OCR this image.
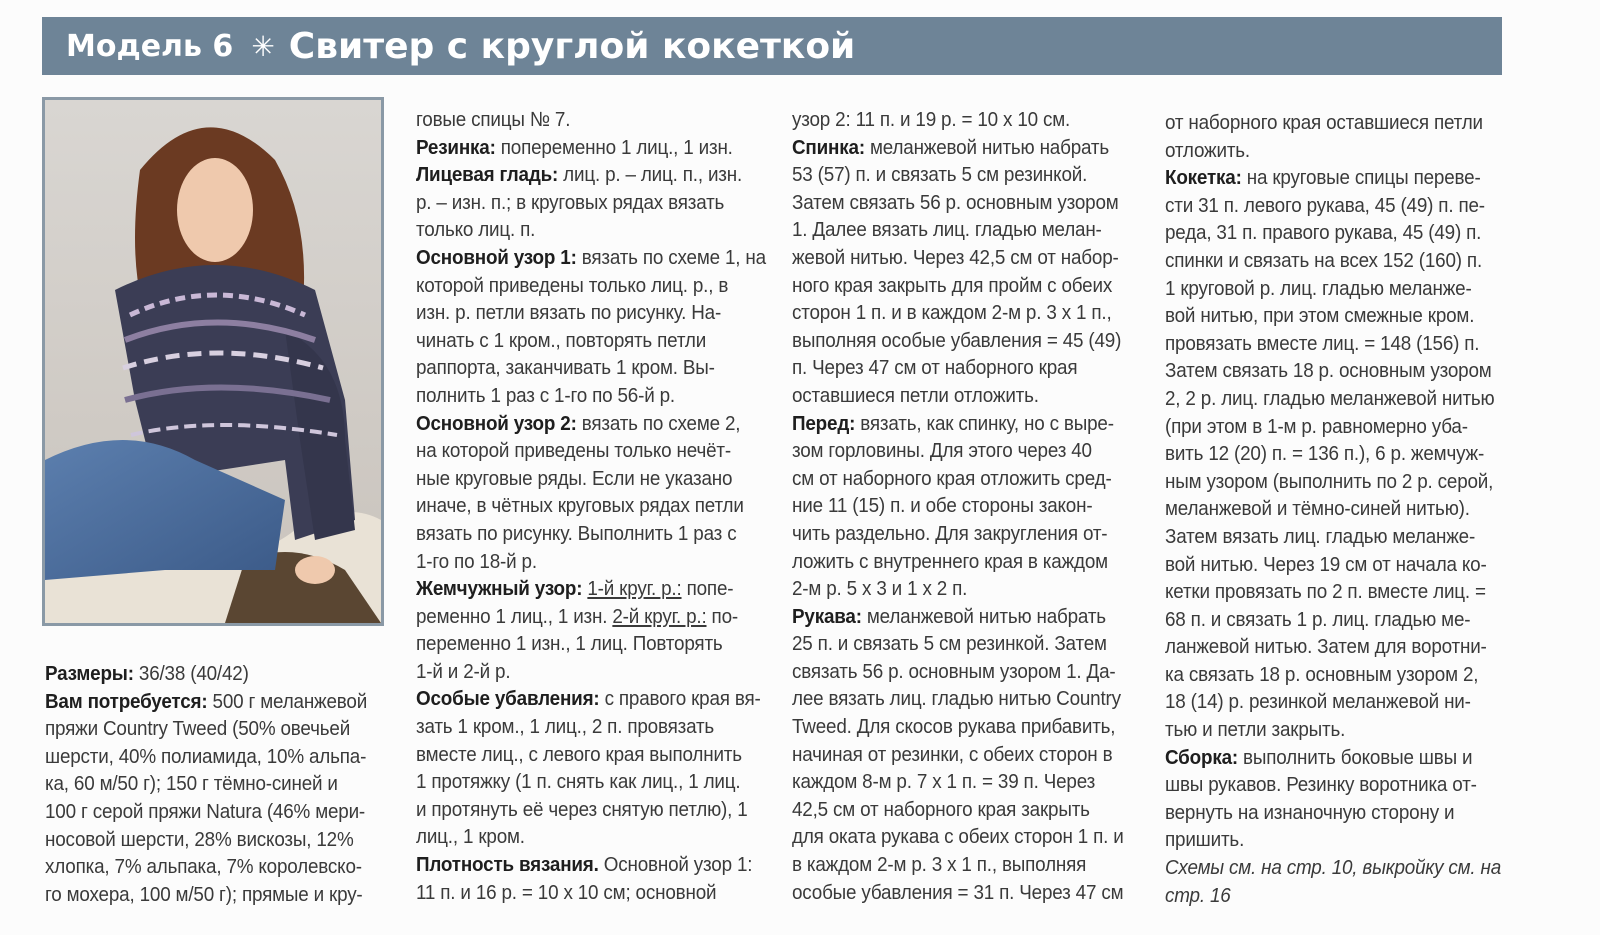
Модель 6 ✳ Свитер с круглой кокеткой

Размеры: 36/38 (40/42)

Вам потребуется: 500 г меланжевой

пряжи Country Tweed (50% овечьей

шерсти, 40% полиамида, 10% альпа-

ка, 60 м/50 г); 150 г тёмно-синей и

100 г серой пряжи Natura (46% мери-

носовой шерсти, 28% вискозы, 12%

хлопка, 7% альпака, 7% королевско-

го мохера, 100 м/50 г); прямые и кру-

говые спицы № 7.

Резинка: попеременно 1 лиц., 1 изн.

Лицевая гладь: лиц. р. – лиц. п., изн.

р. – изн. п.; в круговых рядах вязать

только лиц. п.

Основной узор 1: вязать по схеме 1, на

которой приведены только лиц. р., в

изн. р. петли вязать по рисунку. На-

чинать с 1 кром., повторять петли

раппорта, заканчивать 1 кром. Вы-

полнить 1 раз с 1-го по 56-й р.

Основной узор 2: вязать по схеме 2,

на которой приведены только нечёт-

ные круговые ряды. Если не указано

иначе, в чётных круговых рядах петли

вязать по рисунку. Выполнить 1 раз с

1-го по 18-й р.

Жемчужный узор: 1-й круг. р.: попе-

ременно 1 лиц., 1 изн. 2-й круг. р.: по-

переменно 1 изн., 1 лиц. Повторять

1-й и 2-й р.

Особые убавления: с правого края вя-

зать 1 кром., 1 лиц., 2 п. провязать

вместе лиц., с левого края выполнить

1 протяжку (1 п. снять как лиц., 1 лиц.

и протянуть её через снятую петлю), 1

лиц., 1 кром.

Плотность вязания. Основной узор 1:

11 п. и 16 р. = 10 х 10 см; основной

узор 2: 11 п. и 19 р. = 10 х 10 см.

Спинка: меланжевой нитью набрать

53 (57) п. и связать 5 см резинкой.

Затем связать 56 р. основным узором

1. Далее вязать лиц. гладью мелан-

жевой нитью. Через 42,5 см от набор-

ного края закрыть для пройм с обеих

сторон 1 п. и в каждом 2-м р. 3 х 1 п.,

выполняя особые убавления = 45 (49)

п. Через 47 см от наборного края

оставшиеся петли отложить.

Перед: вязать, как спинку, но с выре-

зом горловины. Для этого через 40

см от наборного края отложить сред-

ние 11 (15) п. и обе стороны закон-

чить раздельно. Для закругления от-

ложить с внутреннего края в каждом

2-м р. 5 х 3 и 1 х 2 п.

Рукава: меланжевой нитью набрать

25 п. и связать 5 см резинкой. Затем

связать 56 р. основным узором 1. Да-

лее вязать лиц. гладью нитью Country

Tweed. Для скосов рукава прибавить,

начиная от резинки, с обеих сторон в

каждом 8-м р. 7 х 1 п. = 39 п. Через

42,5 см от наборного края закрыть

для оката рукава с обеих сторон 1 п. и

в каждом 2-м р. 3 х 1 п., выполняя

особые убавления = 31 п. Через 47 см

от наборного края оставшиеся петли

отложить.

Кокетка: на круговые спицы переве-

сти 31 п. левого рукава, 45 (49) п. пе-

реда, 31 п. правого рукава, 45 (49) п.

спинки и связать на всех 152 (160) п.

1 круговой р. лиц. гладью меланже-

вой нитью, при этом смежные кром.

провязать вместе лиц. = 148 (156) п.

Затем связать 18 р. основным узором

2, 2 р. лиц. гладью меланжевой нитью

(при этом в 1-м р. равномерно уба-

вить 12 (20) п. = 136 п.), 6 р. жемчуж-

ным узором (выполнить по 2 р. серой,

меланжевой и тёмно-синей нитью).

Затем вязать лиц. гладью меланже-

вой нитью. Через 19 см от начала ко-

кетки провязать по 2 п. вместе лиц. =

68 п. и связать 1 р. лиц. гладью ме-

ланжевой нитью. Затем для воротни-

ка связать 18 р. основным узором 2,

18 (14) р. резинкой меланжевой ни-

тью и петли закрыть.

Сборка: выполнить боковые швы и

швы рукавов. Резинку воротника от-

вернуть на изнаночную сторону и

пришить.

Схемы см. на стр. 10, выкройку см. на

стр. 16
